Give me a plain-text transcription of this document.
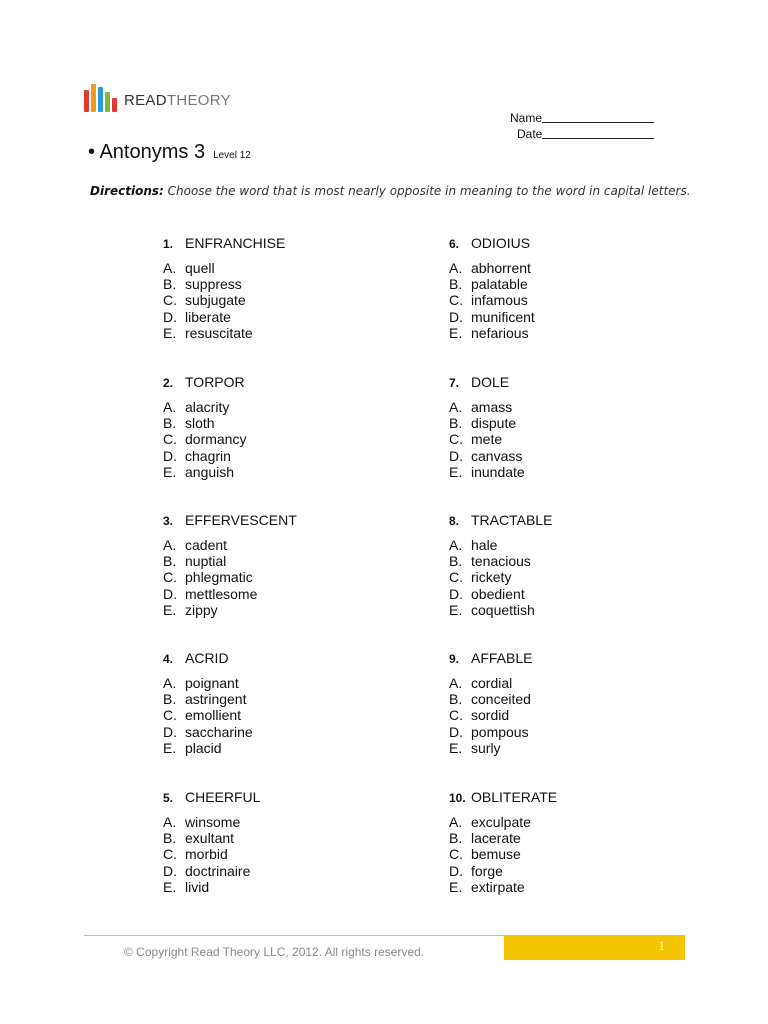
READTHEORY
Name
Date
• Antonyms 3 Level 12
Directions: Choose the word that is most nearly opposite in meaning to the word in capital letters.
1. ENFRANCHISE
A. quell
B. suppress
C. subjugate
D. liberate
E. resuscitate
2. TORPOR
A. alacrity
B. sloth
C. dormancy
D. chagrin
E. anguish
3. EFFERVESCENT
A. cadent
B. nuptial
C. phlegmatic
D. mettlesome
E. zippy
4. ACRID
A. poignant
B. astringent
C. emollient
D. saccharine
E. placid
5. CHEERFUL
A. winsome
B. exultant
C. morbid
D. doctrinaire
E. livid
6. ODIOIUS
A. abhorrent
B. palatable
C. infamous
D. munificent
E. nefarious
7. DOLE
A. amass
B. dispute
C. mete
D. canvass
E. inundate
8. TRACTABLE
A. hale
B. tenacious
C. rickety
D. obedient
E. coquettish
9. AFFABLE
A. cordial
B. conceited
C. sordid
D. pompous
E. surly
10. OBLITERATE
A. exculpate
B. lacerate
C. bemuse
D. forge
E. extirpate
© Copyright Read Theory LLC, 2012. All rights reserved.	1
